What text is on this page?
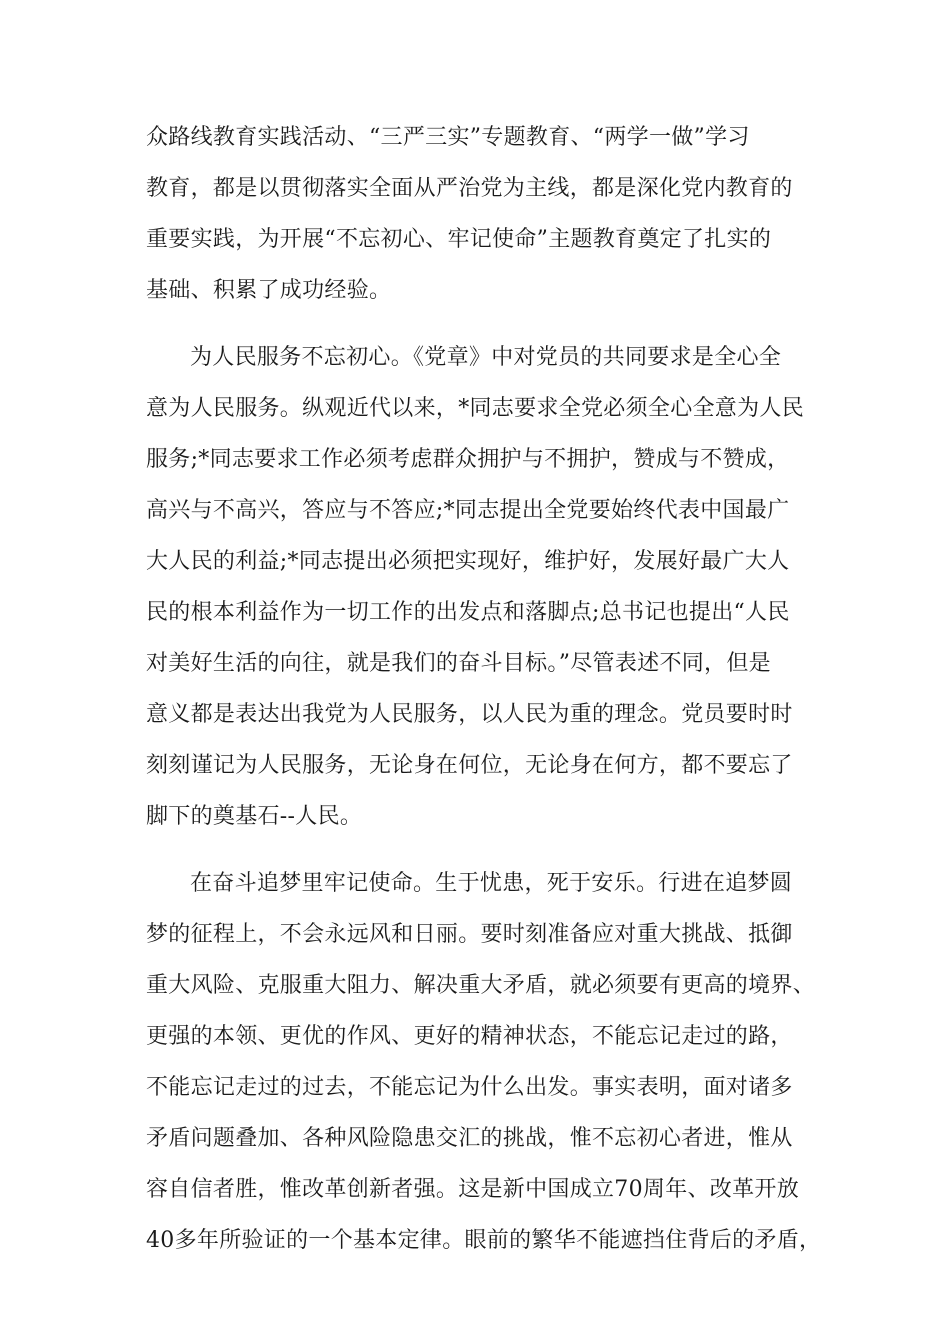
众路线教育实践活动、“三严三实”专题教育、“两学一做”学习
教育，都是以贯彻落实全面从严治党为主线，都是深化党内教育的
重要实践，为开展“不忘初心、牢记使命”主题教育奠定了扎实的
基础、积累了成功经验。
为人民服务不忘初心。《党章》中对党员的共同要求是全心全
意为人民服务。纵观近代以来，*同志要求全党必须全心全意为人民
服务;*同志要求工作必须考虑群众拥护与不拥护，赞成与不赞成，
高兴与不高兴，答应与不答应;*同志提出全党要始终代表中国最广
大人民的利益;*同志提出必须把实现好，维护好，发展好最广大人
民的根本利益作为一切工作的出发点和落脚点;总书记也提出“人民
对美好生活的向往，就是我们的奋斗目标。”尽管表述不同，但是
意义都是表达出我党为人民服务，以人民为重的理念。党员要时时
刻刻谨记为人民服务，无论身在何位，无论身在何方，都不要忘了
脚下的奠基石--人民。
在奋斗追梦里牢记使命。生于忧患，死于安乐。行进在追梦圆
梦的征程上，不会永远风和日丽。要时刻准备应对重大挑战、抵御
重大风险、克服重大阻力、解决重大矛盾，就必须要有更高的境界、
更强的本领、更优的作风、更好的精神状态，不能忘记走过的路，
不能忘记走过的过去，不能忘记为什么出发。事实表明，面对诸多
矛盾问题叠加、各种风险隐患交汇的挑战，惟不忘初心者进，惟从
容自信者胜，惟改革创新者强。这是新中国成立70周年、改革开放
40多年所验证的一个基本定律。眼前的繁华不能遮挡住背后的矛盾，
